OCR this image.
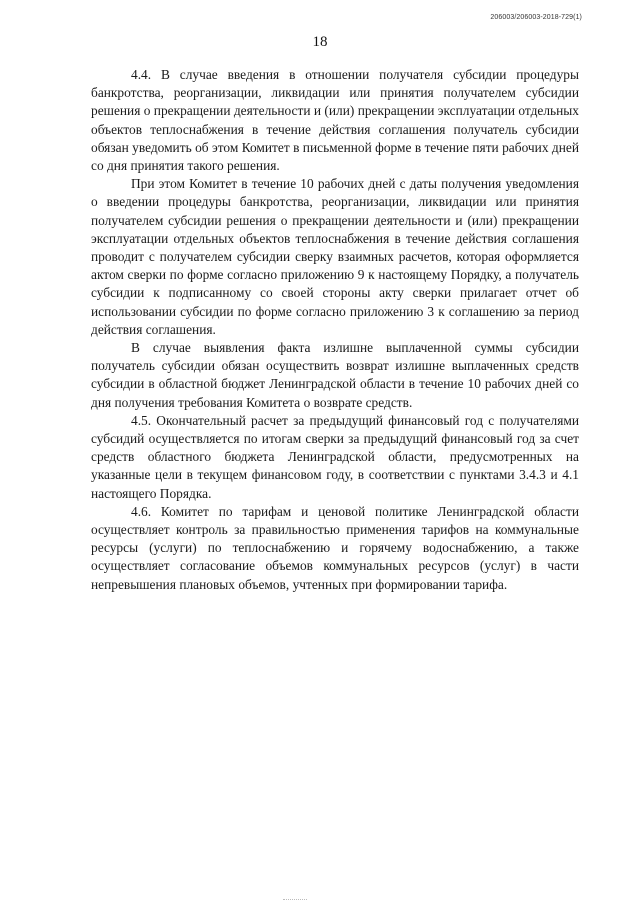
206003/206003-2018-729(1)
18

4.4. В случае введения в отношении получателя субсидии процедуры банкротства, реорганизации, ликвидации или принятия получателем субсидии решения о прекращении деятельности и (или) прекращении эксплуатации отдельных объектов теплоснабжения в течение действия соглашения получатель субсидии обязан уведомить об этом Комитет в письменной форме в течение пяти рабочих дней со дня принятия такого решения.

При этом Комитет в течение 10 рабочих дней с даты получения уведомления о введении процедуры банкротства, реорганизации, ликвидации или принятия получателем субсидии решения о прекращении деятельности и (или) прекращении эксплуатации отдельных объектов теплоснабжения в течение действия соглашения проводит с получателем субсидии сверку взаимных расчетов, которая оформляется актом сверки по форме согласно приложению 9 к настоящему Порядку, а получатель субсидии к подписанному со своей стороны акту сверки прилагает отчет об использовании субсидии по форме согласно приложению 3 к соглашению за период действия соглашения.

В случае выявления факта излишне выплаченной суммы субсидии получатель субсидии обязан осуществить возврат излишне выплаченных средств субсидии в областной бюджет Ленинградской области в течение 10 рабочих дней со дня получения требования Комитета о возврате средств.

4.5. Окончательный расчет за предыдущий финансовый год с получателями субсидий осуществляется по итогам сверки за предыдущий финансовый год за счет средств областного бюджета Ленинградской области, предусмотренных на указанные цели в текущем финансовом году, в соответствии с пунктами 3.4.3 и 4.1 настоящего Порядка.

4.6. Комитет по тарифам и ценовой политике Ленинградской области осуществляет контроль за правильностью применения тарифов на коммунальные ресурсы (услуги) по теплоснабжению и горячему водоснабжению, а также осуществляет согласование объемов коммунальных ресурсов (услуг) в части непревышения плановых объемов, учтенных при формировании тарифа.
